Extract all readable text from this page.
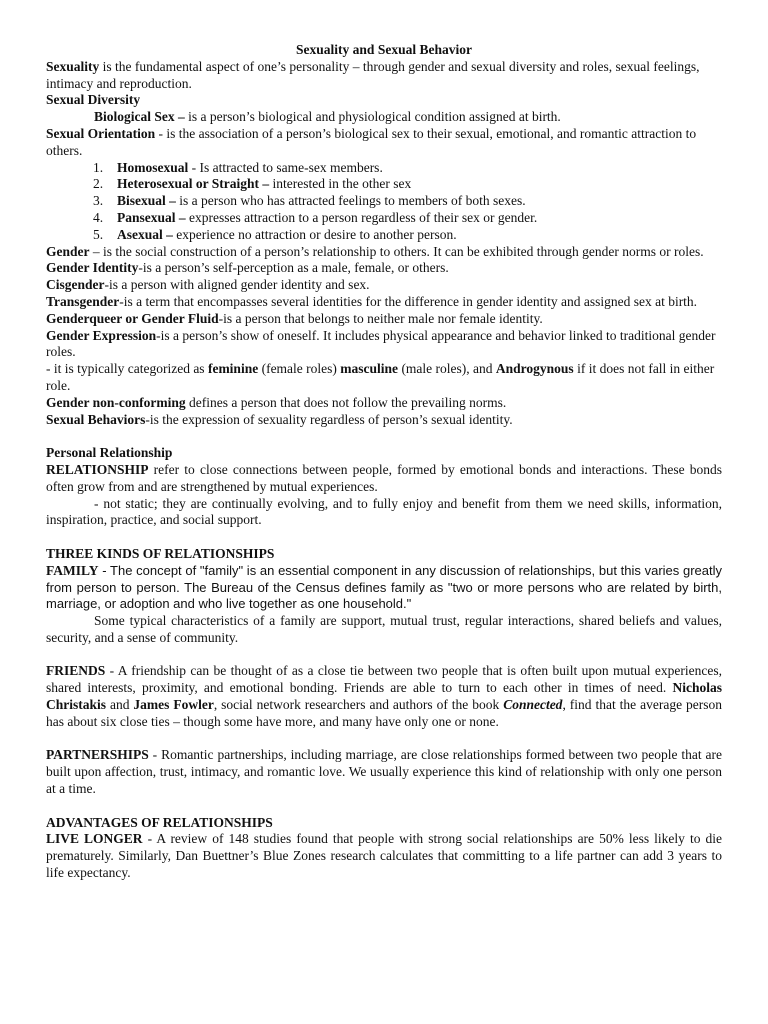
Sexuality and Sexual Behavior

Sexuality is the fundamental aspect of one’s personality – through gender and sexual diversity and roles, sexual feelings, intimacy and reproduction.

Sexual Diversity

Biological Sex – is a person’s biological and physiological condition assigned at birth.

Sexual Orientation - is the association of a person’s biological sex to their sexual, emotional, and romantic attraction to others.

1. Homosexual - Is attracted to same-sex members.
2. Heterosexual or Straight – interested in the other sex
3. Bisexual – is a person who has attracted feelings to members of both sexes.
4. Pansexual – expresses attraction to a person regardless of their sex or gender.
5. Asexual – experience no attraction or desire to another person.

Gender – is the social construction of a person’s relationship to others. It can be exhibited through gender norms or roles.

Gender Identity-is a person’s self-perception as a male, female, or others.

Cisgender-is a person with aligned gender identity and sex.

Transgender-is a term that encompasses several identities for the difference in gender identity and assigned sex at birth.

Genderqueer or Gender Fluid-is a person that belongs to neither male nor female identity.

Gender Expression-is a person’s show of oneself. It includes physical appearance and behavior linked to traditional gender roles.

- it is typically categorized as feminine (female roles) masculine (male roles), and Androgynous if it does not fall in either role.

Gender non-conforming defines a person that does not follow the prevailing norms.

Sexual Behaviors-is the expression of sexuality regardless of person’s sexual identity.

Personal Relationship

RELATIONSHIP refer to close connections between people, formed by emotional bonds and interactions. These bonds often grow from and are strengthened by mutual experiences.

- not static; they are continually evolving, and to fully enjoy and benefit from them we need skills, information, inspiration, practice, and social support.

THREE KINDS OF RELATIONSHIPS

FAMILY - The concept of "family" is an essential component in any discussion of relationships, but this varies greatly from person to person. The Bureau of the Census defines family as "two or more persons who are related by birth, marriage, or adoption and who live together as one household."

Some typical characteristics of a family are support, mutual trust, regular interactions, shared beliefs and values, security, and a sense of community.

FRIENDS - A friendship can be thought of as a close tie between two people that is often built upon mutual experiences, shared interests, proximity, and emotional bonding. Friends are able to turn to each other in times of need. Nicholas Christakis and James Fowler, social network researchers and authors of the book Connected, find that the average person has about six close ties – though some have more, and many have only one or none.

PARTNERSHIPS - Romantic partnerships, including marriage, are close relationships formed between two people that are built upon affection, trust, intimacy, and romantic love. We usually experience this kind of relationship with only one person at a time.

ADVANTAGES OF RELATIONSHIPS

LIVE LONGER - A review of 148 studies found that people with strong social relationships are 50% less likely to die prematurely. Similarly, Dan Buettner’s Blue Zones research calculates that committing to a life partner can add 3 years to life expectancy.
